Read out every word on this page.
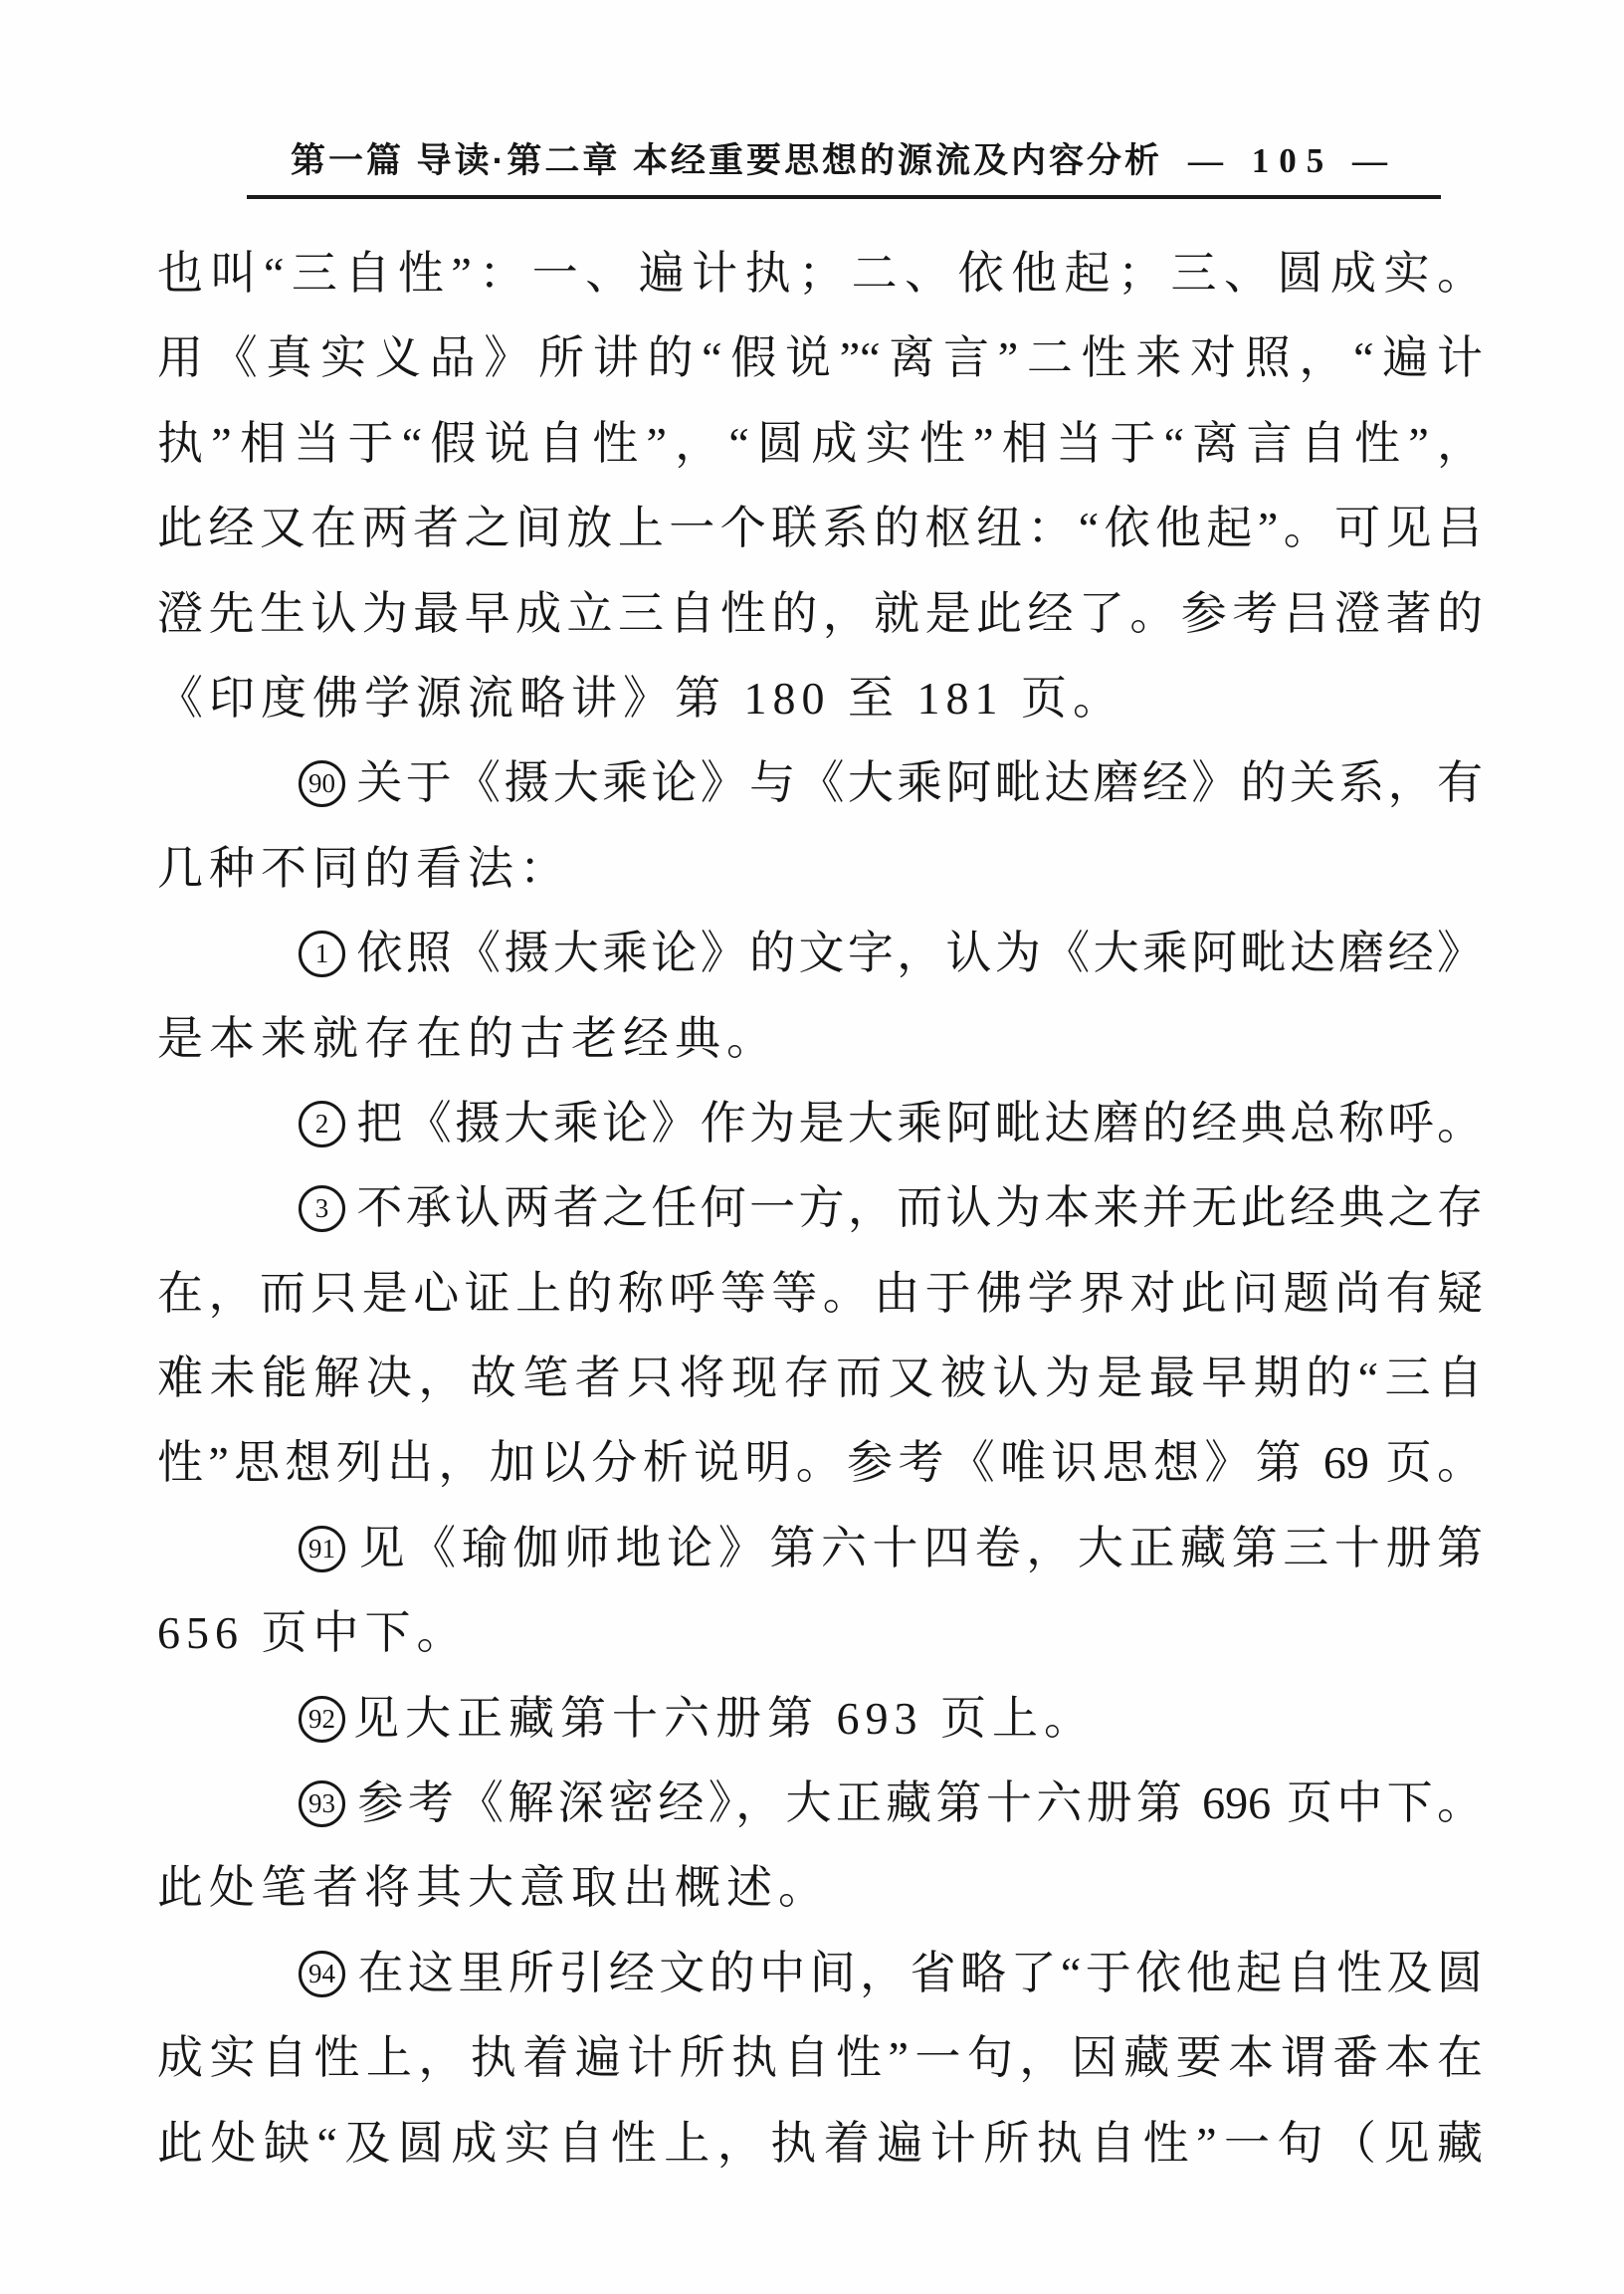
第一篇 导读·第二章 本经重要思想的源流及内容分析 — 105 —
也叫“三自性”：一、遍计执；二、依他起；三、圆成实。
用《真实义品》所讲的“假说”“离言”二性来对照，“遍计
执”相当于“假说自性”，“圆成实性”相当于“离言自性”，
此经又在两者之间放上一个联系的枢纽：“依他起”。可见吕
澄先生认为最早成立三自性的，就是此经了。参考吕澄著的
《印度佛学源流略讲》第 180 至 181 页。
90 关于《摄大乘论》与《大乘阿毗达磨经》的关系，有
几种不同的看法：
1 依照《摄大乘论》的文字，认为《大乘阿毗达磨经》
是本来就存在的古老经典。
2 把《摄大乘论》作为是大乘阿毗达磨的经典总称呼。
3 不承认两者之任何一方，而认为本来并无此经典之存
在，而只是心证上的称呼等等。由于佛学界对此问题尚有疑
难未能解决，故笔者只将现存而又被认为是最早期的“三自
性”思想列出，加以分析说明。参考《唯识思想》第 69 页。
91 见《瑜伽师地论》第六十四卷，大正藏第三十册第
656 页中下。
92 见大正藏第十六册第 693 页上。
93 参考《解深密经》，大正藏第十六册第 696 页中下。
此处笔者将其大意取出概述。
94 在这里所引经文的中间，省略了“于依他起自性及圆
成实自性上，执着遍计所执自性”一句，因藏要本谓番本在
此处缺“及圆成实自性上，执着遍计所执自性”一句（见藏
